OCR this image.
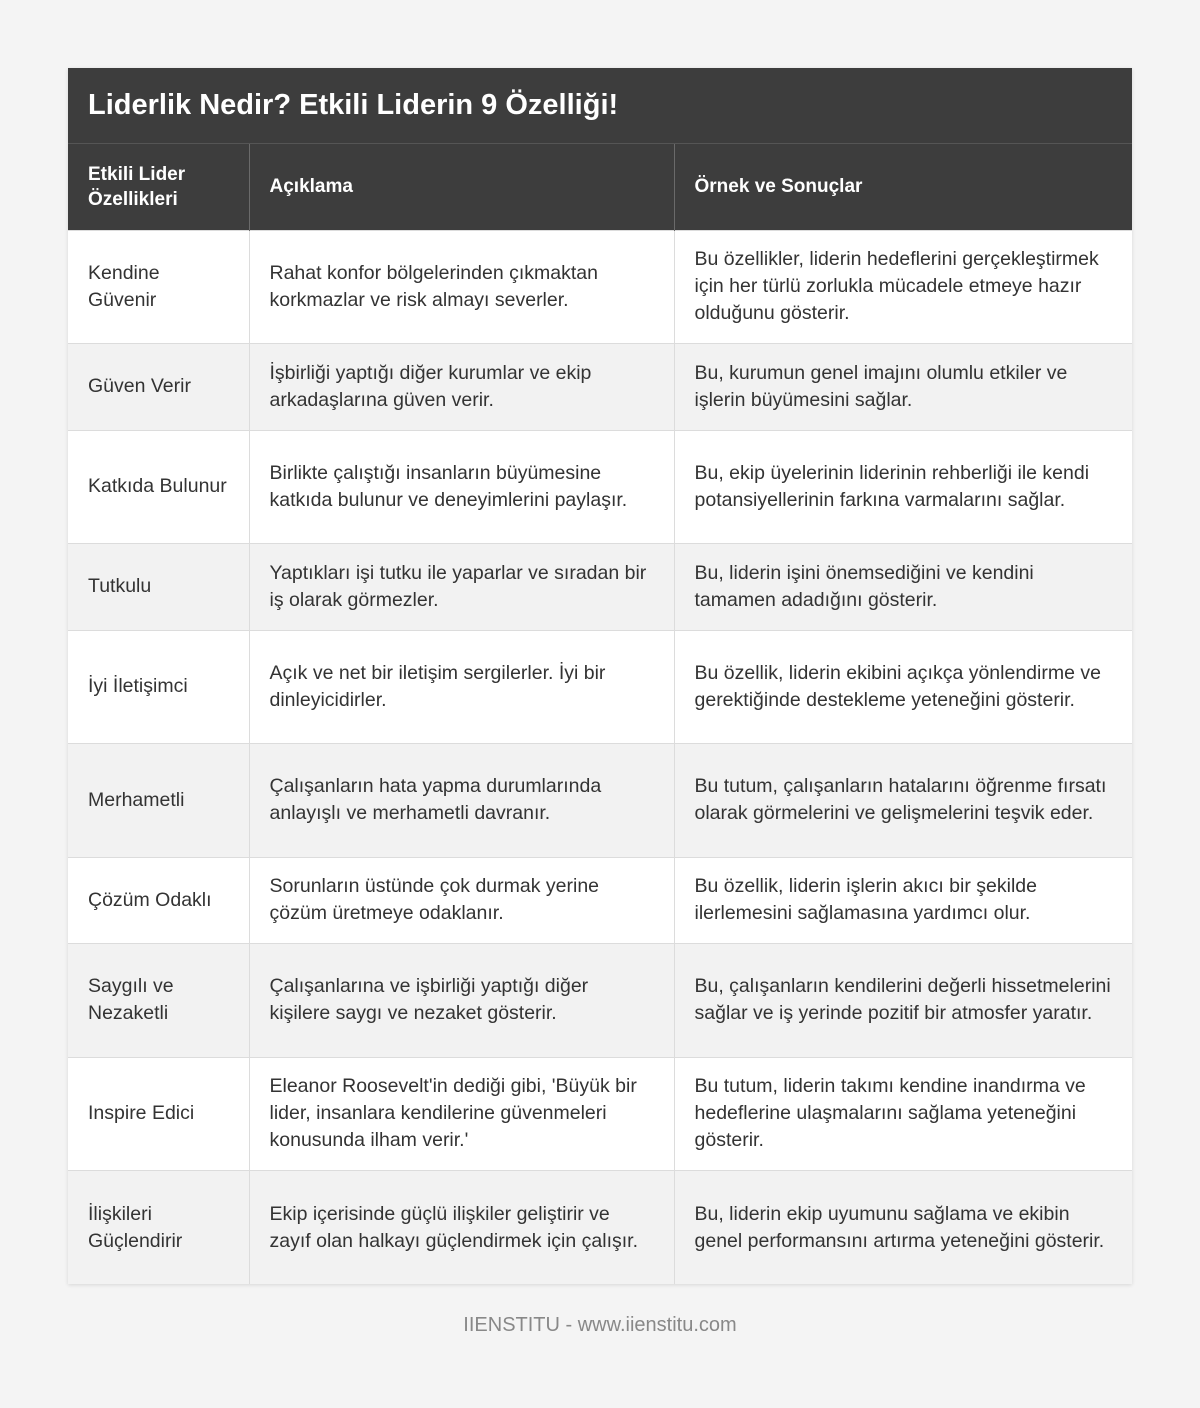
Liderlik Nedir? Etkili Liderin 9 Özelliği!
Etkili Lider Özellikleri	Açıklama	Örnek ve Sonuçlar
Kendine Güvenir	Rahat konfor bölgelerinden çıkmaktan korkmazlar ve risk almayı severler.	Bu özellikler, liderin hedeflerini gerçekleştirmek için her türlü zorlukla mücadele etmeye hazır olduğunu gösterir.
Güven Verir	İşbirliği yaptığı diğer kurumlar ve ekip arkadaşlarına güven verir.	Bu, kurumun genel imajını olumlu etkiler ve işlerin büyümesini sağlar.
Katkıda Bulunur	Birlikte çalıştığı insanların büyümesine katkıda bulunur ve deneyimlerini paylaşır.	Bu, ekip üyelerinin liderinin rehberliği ile kendi potansiyellerinin farkına varmalarını sağlar.
Tutkulu	Yaptıkları işi tutku ile yaparlar ve sıradan bir iş olarak görmezler.	Bu, liderin işini önemsediğini ve kendini tamamen adadığını gösterir.
İyi İletişimci	Açık ve net bir iletişim sergilerler. İyi bir dinleyicidirler.	Bu özellik, liderin ekibini açıkça yönlendirme ve gerektiğinde destekleme yeteneğini gösterir.
Merhametli	Çalışanların hata yapma durumlarında anlayışlı ve merhametli davranır.	Bu tutum, çalışanların hatalarını öğrenme fırsatı olarak görmelerini ve gelişmelerini teşvik eder.
Çözüm Odaklı	Sorunların üstünde çok durmak yerine çözüm üretmeye odaklanır.	Bu özellik, liderin işlerin akıcı bir şekilde ilerlemesini sağlamasına yardımcı olur.
Saygılı ve Nezaketli	Çalışanlarına ve işbirliği yaptığı diğer kişilere saygı ve nezaket gösterir.	Bu, çalışanların kendilerini değerli hissetmelerini sağlar ve iş yerinde pozitif bir atmosfer yaratır.
Inspire Edici	Eleanor Roosevelt'in dediği gibi, 'Büyük bir lider, insanlara kendilerine güvenmeleri konusunda ilham verir.'	Bu tutum, liderin takımı kendine inandırma ve hedeflerine ulaşmalarını sağlama yeteneğini gösterir.
İlişkileri Güçlendirir	Ekip içerisinde güçlü ilişkiler geliştirir ve zayıf olan halkayı güçlendirmek için çalışır.	Bu, liderin ekip uyumunu sağlama ve ekibin genel performansını artırma yeteneğini gösterir.
IIENSTITU - www.iienstitu.com
